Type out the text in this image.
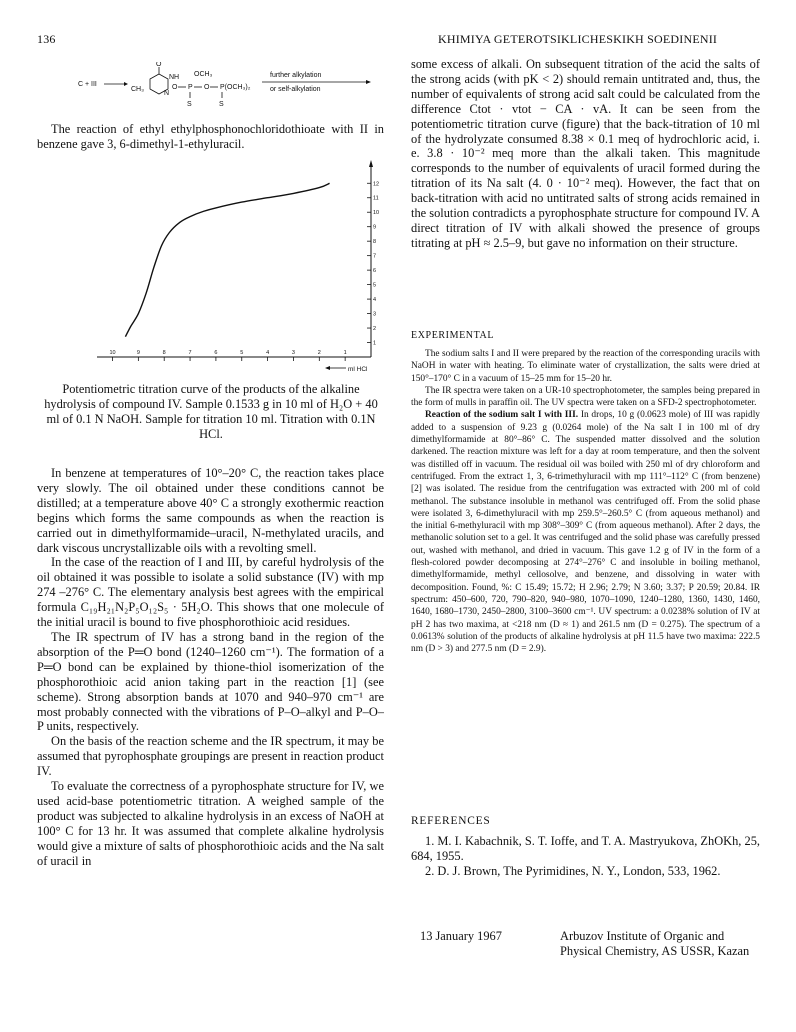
136	KHIMIYA GETEROTSIKLICHESKIKH SOEDINENII
C + III
O
NH OCH₃
CH₃
N
O P O P(OCH₃)₂
S	S
further alkylation
or self-alkylation

The reaction of ethyl ethylphosphonochloridothioate with II in benzene gave 3, 6-dimethyl-1-ethyluracil.

10	9	8	7	6	5	4	3	2	1
1
2
3
4
5
6
7
8
9
10
11
12
ml HCl
Potentiometric titration curve of the products of the alkaline hydrolysis of compound IV. Sample 0.1533 g in 10 ml of H₂O + 40 ml of 0.1 N NaOH. Sample for titration 10 ml. Titration with 0.1N HCl.

In benzene at temperatures of 10°–20° C, the reaction takes place very slowly. The oil obtained under these conditions cannot be distilled; at a temperature above 40° C a strongly exothermic reaction begins which forms the same compounds as when the reaction is carried out in dimethylformamide–uracil, N-methylated uracils, and dark viscous uncrystallizable oils with a revolting smell.

In the case of the reaction of I and III, by careful hydrolysis of the oil obtained it was possible to isolate a solid substance (IV) with mp 274 –276° C. The elementary analysis best agrees with the empirical formula C₁₉H₂₁N₂P₅O₁₂S₅ · 5H₂O. This shows that one molecule of the initial uracil is bound to five phosphorothioic acid residues.

The IR spectrum of IV has a strong band in the region of the absorption of the P═O bond (1240–1260 cm⁻¹). The formation of a P═O bond can be explained by thione-thiol isomerization of the phosphorothioic acid anion taking part in the reaction [1] (see scheme). Strong absorption bands at 1070 and 940–970 cm⁻¹ are most probably connected with the vibrations of P–O–alkyl and P–O–P units, respectively.

On the basis of the reaction scheme and the IR spectrum, it may be assumed that pyrophosphate groupings are present in reaction product IV.

To evaluate the correctness of a pyrophosphate structure for IV, we used acid-base potentiometric titration. A weighed sample of the product was subjected to alkaline hydrolysis in an excess of NaOH at 100° C for 13 hr. It was assumed that complete alkaline hydrolysis would give a mixture of salts of phosphorothioic acids and the Na salt of uracil in

some excess of alkali. On subsequent titration of the acid the salts of the strong acids (with pK < 2) should remain untitrated and, thus, the number of equivalents of strong acid salt could be calculated from the difference Ctot · vtot − CA · vA. It can be seen from the potentiometric titration curve (figure) that the back-titration of 10 ml of the hydrolyzate consumed 8.38 × 0.1 meq of hydrochloric acid, i. e. 3.8 · 10⁻² meq more than the alkali taken. This magnitude corresponds to the number of equivalents of uracil formed during the titration of its Na salt (4. 0 · 10⁻² meq). However, the fact that on back-titration with acid no untitrated salts of strong acids remained in the solution contradicts a pyrophosphate structure for compound IV. A direct titration of IV with alkali showed the presence of groups titrating at pH ≈ 2.5–9, but gave no information on their structure.

EXPERIMENTAL

The sodium salts I and II were prepared by the reaction of the corresponding uracils with NaOH in water with heating. To eliminate water of crystallization, the salts were dried at 150°–170° C in a vacuum of 15–25 mm for 15–20 hr.

The IR spectra were taken on a UR-10 spectrophotometer, the samples being prepared in the form of mulls in paraffin oil. The UV spectra were taken on a SFD-2 spectrophotometer.

Reaction of the sodium salt I with III. In drops, 10 g (0.0623 mole) of III was rapidly added to a suspension of 9.23 g (0.0264 mole) of the Na salt I in 100 ml of dry dimethylformamide at 80°–86° C. The suspended matter dissolved and the solution darkened. The reaction mixture was left for a day at room temperature, and then the solvent was distilled off in vacuum. The residual oil was boiled with 250 ml of dry chloroform and centrifuged. From the extract 1, 3, 6-trimethyluracil with mp 111°–112° C (from benzene) [2] was isolated. The residue from the centrifugation was extracted with 200 ml of cold methanol. The substance insoluble in methanol was centrifuged off. From the solid phase were isolated 3, 6-dimethyluracil with mp 259.5°–260.5° C (from aqueous methanol) and the initial 6-methyluracil with mp 308°–309° C (from aqueous methanol). After 2 days, the methanolic solution set to a gel. It was centrifuged and the solid phase was carefully pressed out, washed with methanol, and dried in vacuum. This gave 1.2 g of IV in the form of a flesh-colored powder decomposing at 274°–276° C and insoluble in boiling methanol, dimethylformamide, methyl cellosolve, and benzene, and dissolving in water with decomposition. Found, %: C 15.49; 15.72; H 2.96; 2.79; N 3.60; 3.37; P 20.59; 20.84. IR spectrum: 450–600, 720, 790–820, 940–980, 1070–1090, 1240–1280, 1360, 1430, 1460, 1640, 1680–1730, 2450–2800, 3100–3600 cm⁻¹. UV spectrum: a 0.0238% solution of IV at pH 2 has two maxima, at <218 nm (D ≈ 1) and 261.5 nm (D = 0.275). The spectrum of a 0.0613% solution of the products of alkaline hydrolysis at pH 11.5 have two maxima: 222.5 nm (D > 3) and 277.5 nm (D = 2.9).

REFERENCES

1. M. I. Kabachnik, S. T. Ioffe, and T. A. Mastryukova, ZhOKh, 25, 684, 1955.

2. D. J. Brown, The Pyrimidines, N. Y., London, 533, 1962.

13 January 1967	Arbuzov Institute of Organic and Physical Chemistry, AS USSR, Kazan
